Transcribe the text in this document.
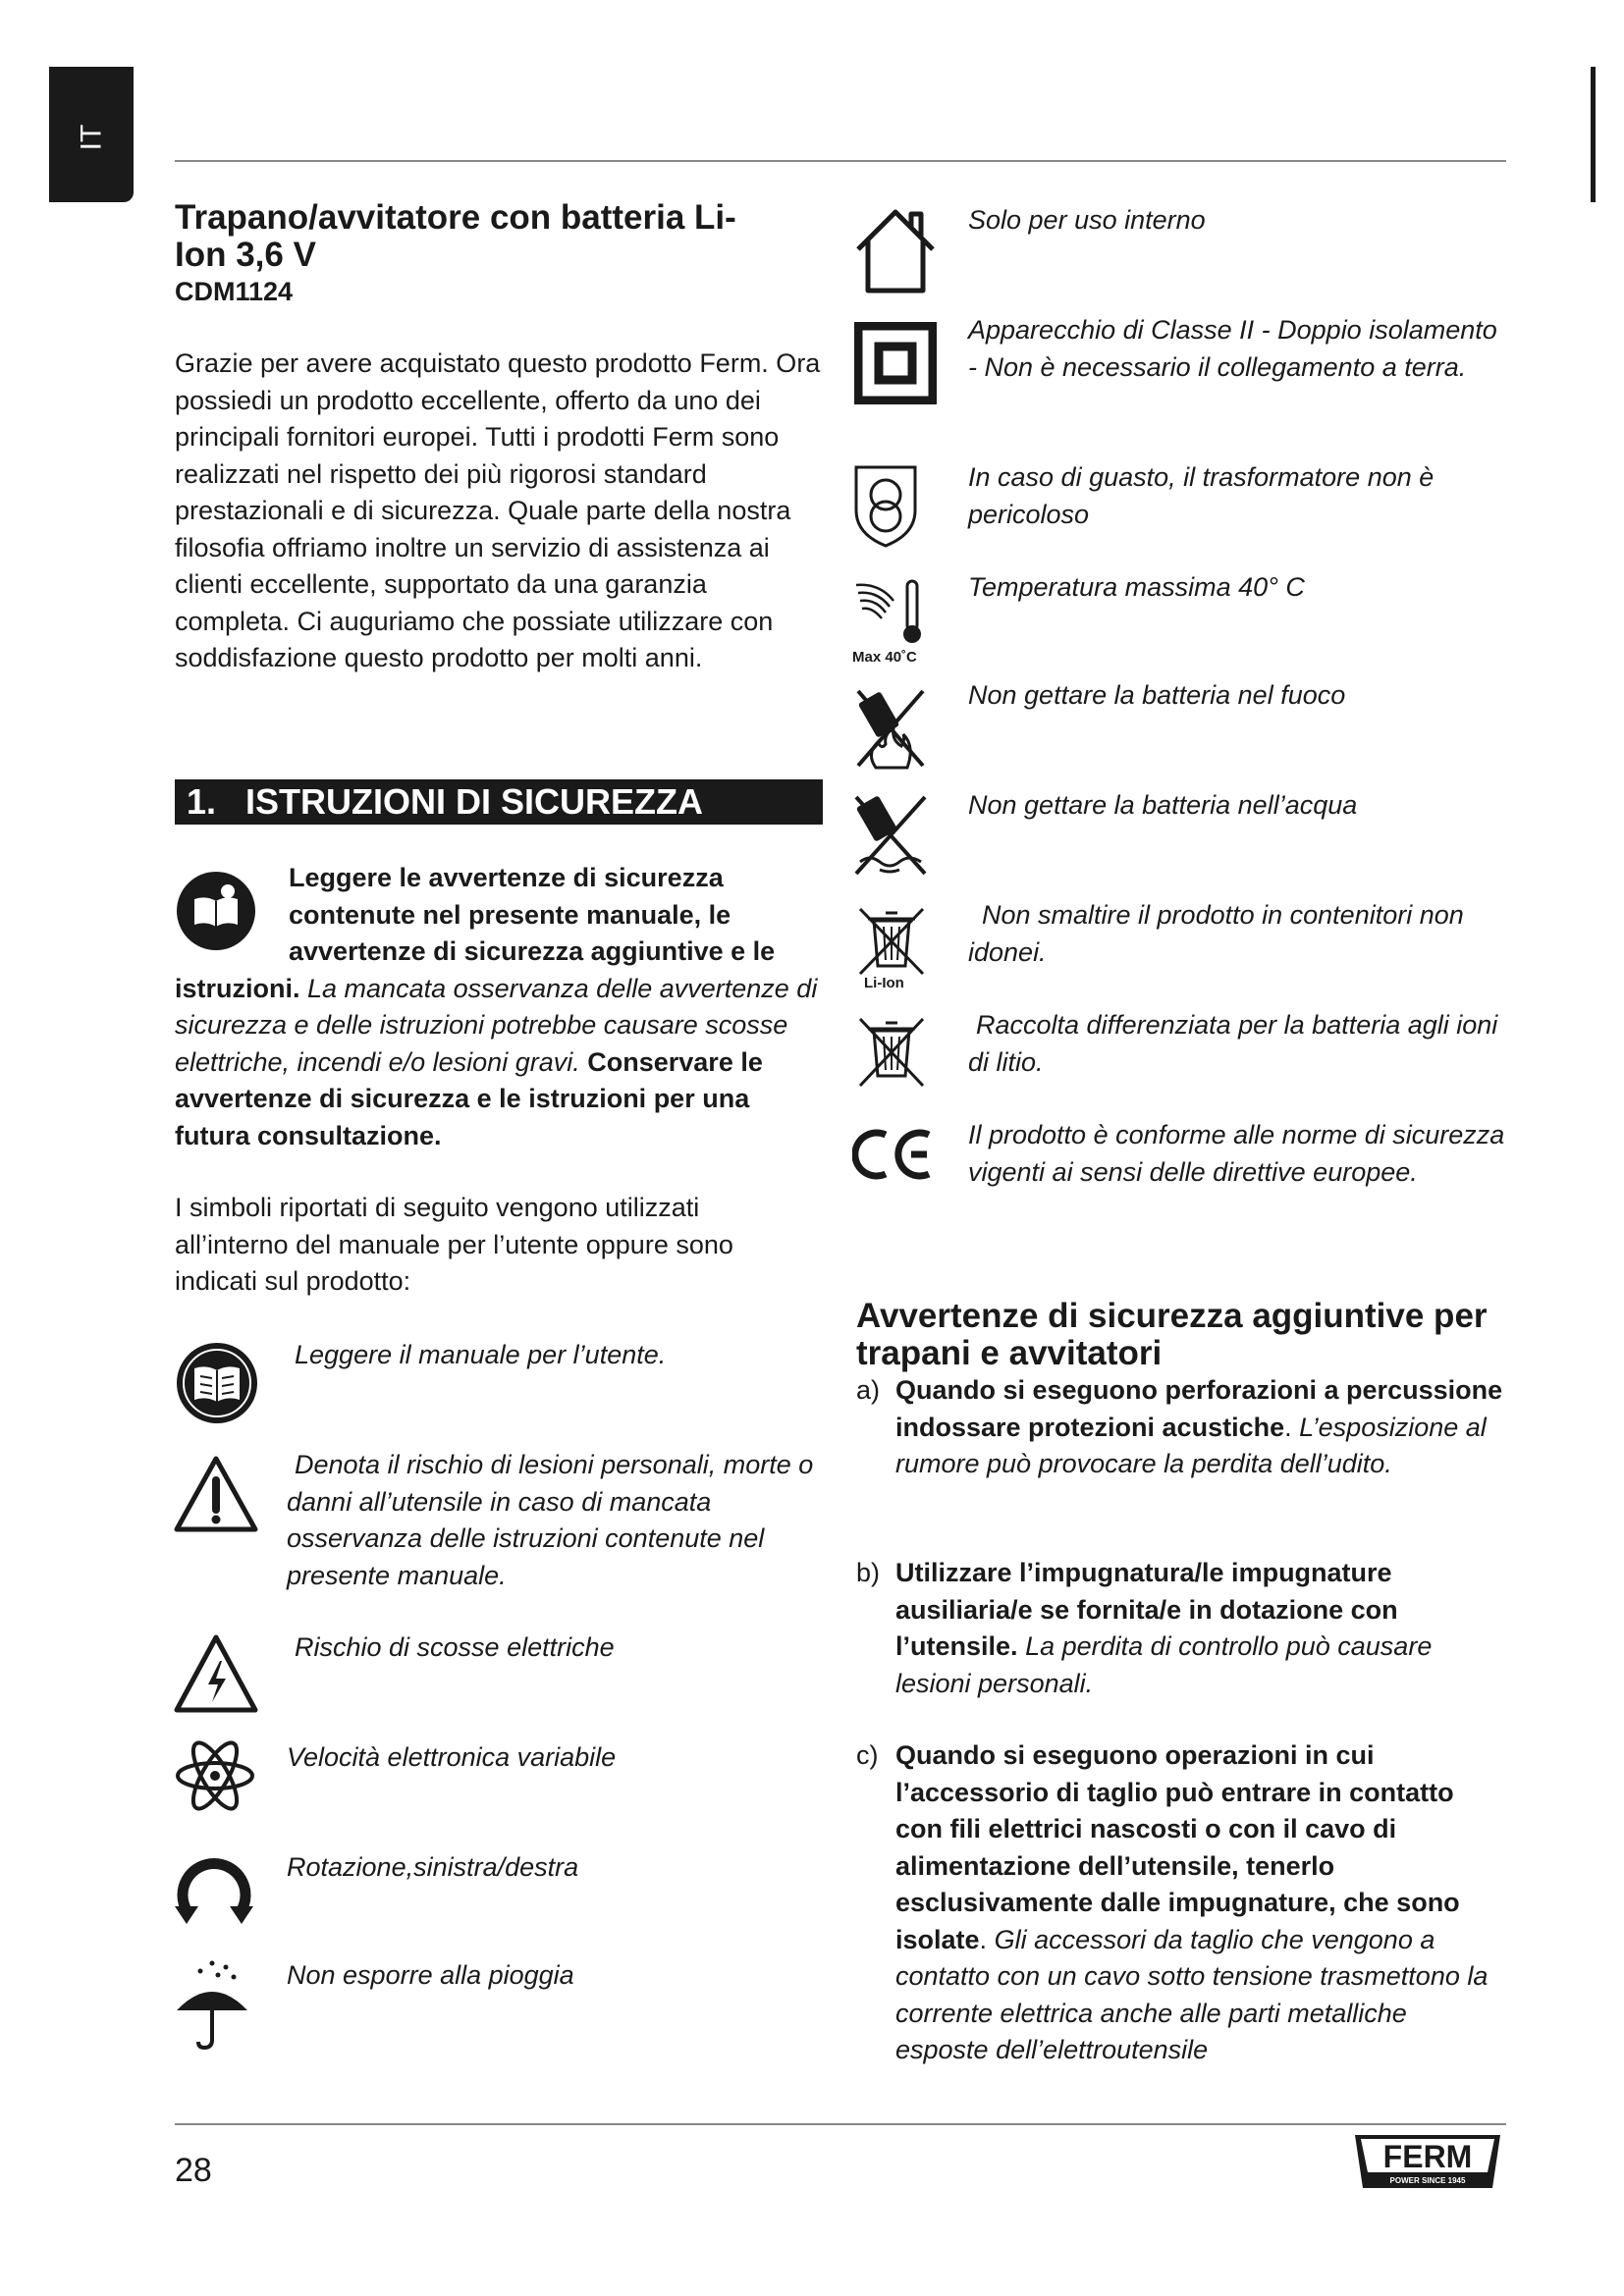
IT
Trapano/avvitatore con batteria Li-Ion 3,6 V
CDM1124
Grazie per avere acquistato questo prodotto Ferm. Ora possiedi un prodotto eccellente, offerto da uno dei principali fornitori europei. Tutti i prodotti Ferm sono realizzati nel rispetto dei più rigorosi standard prestazionali e di sicurezza. Quale parte della nostra filosofia offriamo inoltre un servizio di assistenza ai clienti eccellente, supportato da una garanzia completa. Ci auguriamo che possiate utilizzare con soddisfazione questo prodotto per molti anni.
1. ISTRUZIONI DI SICUREZZA
Leggere le avvertenze di sicurezza contenute nel presente manuale, le avvertenze di sicurezza aggiuntive e le
istruzioni. La mancata osservanza delle avvertenze di sicurezza e delle istruzioni potrebbe causare scosse elettriche, incendi e/o lesioni gravi. Conservare le avvertenze di sicurezza e le istruzioni per una futura consultazione.
I simboli riportati di seguito vengono utilizzati all’interno del manuale per l’utente oppure sono indicati sul prodotto:
Leggere il manuale per l’utente.
Denota il rischio di lesioni personali, morte o danni all’utensile in caso di mancata osservanza delle istruzioni contenute nel presente manuale.
Rischio di scosse elettriche
Velocità elettronica variabile
Rotazione,sinistra/destra
Non esporre alla pioggia
Solo per uso interno
Apparecchio di Classe II - Doppio isolamento - Non è necessario il collegamento a terra.
In caso di guasto, il trasformatore non è pericoloso
Max 40˚C
Temperatura massima 40° C
Non gettare la batteria nel fuoco
Non gettare la batteria nell’acqua
Li-Ion
Non smaltire il prodotto in contenitori non idonei.
Raccolta differenziata per la batteria agli ioni di litio.
CE
Il prodotto è conforme alle norme di sicurezza vigenti ai sensi delle direttive europee.
Avvertenze di sicurezza aggiuntive per trapani e avvitatori
a) Quando si eseguono perforazioni a percussione indossare protezioni acustiche. L’esposizione al rumore può provocare la perdita dell’udito.
b) Utilizzare l’impugnatura/le impugnature ausiliaria/e se fornita/e in dotazione con l’utensile. La perdita di controllo può causare lesioni personali.
c) Quando si eseguono operazioni in cui l’accessorio di taglio può entrare in contatto con fili elettrici nascosti o con il cavo di alimentazione dell’utensile, tenerlo esclusivamente dalle impugnature, che sono isolate. Gli accessori da taglio che vengono a contatto con un cavo sotto tensione trasmettono la corrente elettrica anche alle parti metalliche esposte dell’elettroutensile
28	FERM
POWER SINCE 1945
